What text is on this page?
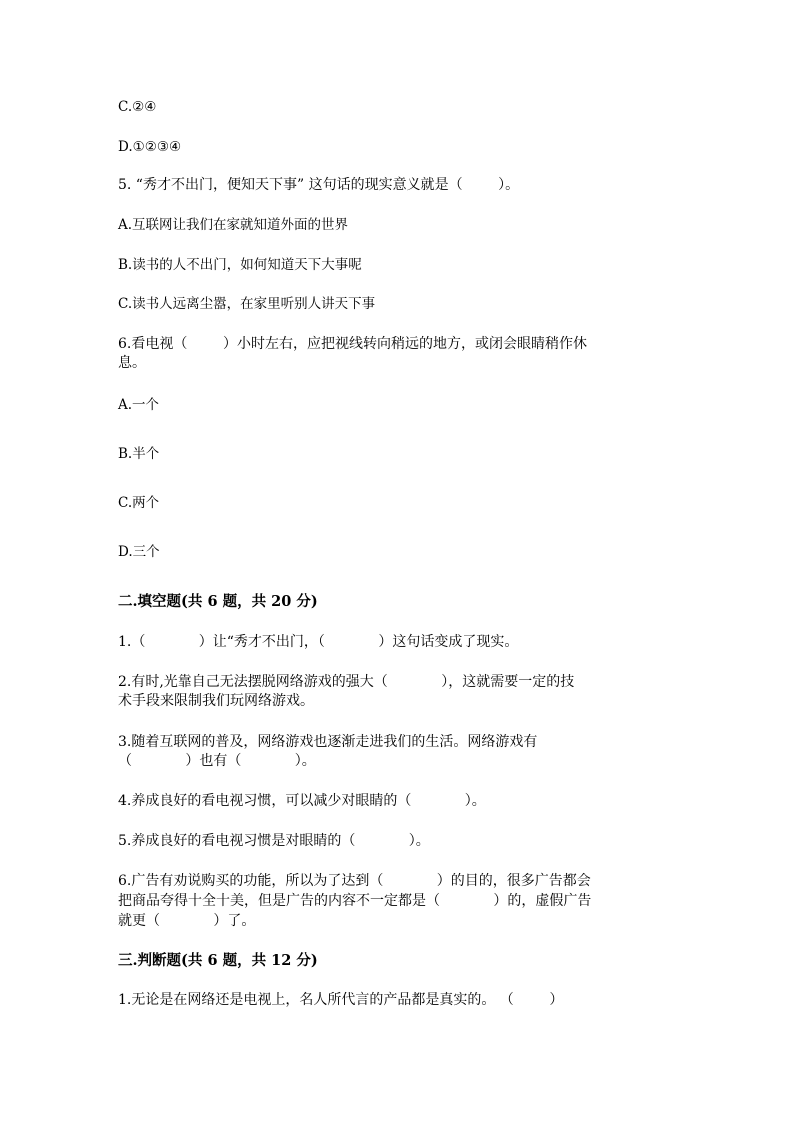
C.②④
D.①②③④
5. “秀才不出门，便知天下事” 这句话的现实意义就是（        ）。
A.互联网让我们在家就知道外面的世界
B.读书的人不出门，如何知道天下大事呢
C.读书人远离尘嚣，在家里听别人讲天下事
6.看电视（        ）小时左右，应把视线转向稍远的地方，或闭会眼睛稍作休
息。
A.一个
B.半个
C.两个
D.三个
二.填空题(共 6 题，共 20 分)
1.（            ）让“秀才不出门，（            ）这句话变成了现实。
2.有时,光靠自己无法摆脱网络游戏的强大（            ），这就需要一定的技
术手段来限制我们玩网络游戏。
3.随着互联网的普及，网络游戏也逐渐走进我们的生活。网络游戏有
（            ）也有（            ）。
4.养成良好的看电视习惯，可以减少对眼睛的（            ）。
5.养成良好的看电视习惯是对眼睛的（            ）。
6.广告有劝说购买的功能，所以为了达到（            ）的目的，很多广告都会
把商品夸得十全十美，但是广告的内容不一定都是（            ）的，虚假广告
就更（            ）了。
三.判断题(共 6 题，共 12 分)
1.无论是在网络还是电视上，名人所代言的产品都是真实的。 （        ）
